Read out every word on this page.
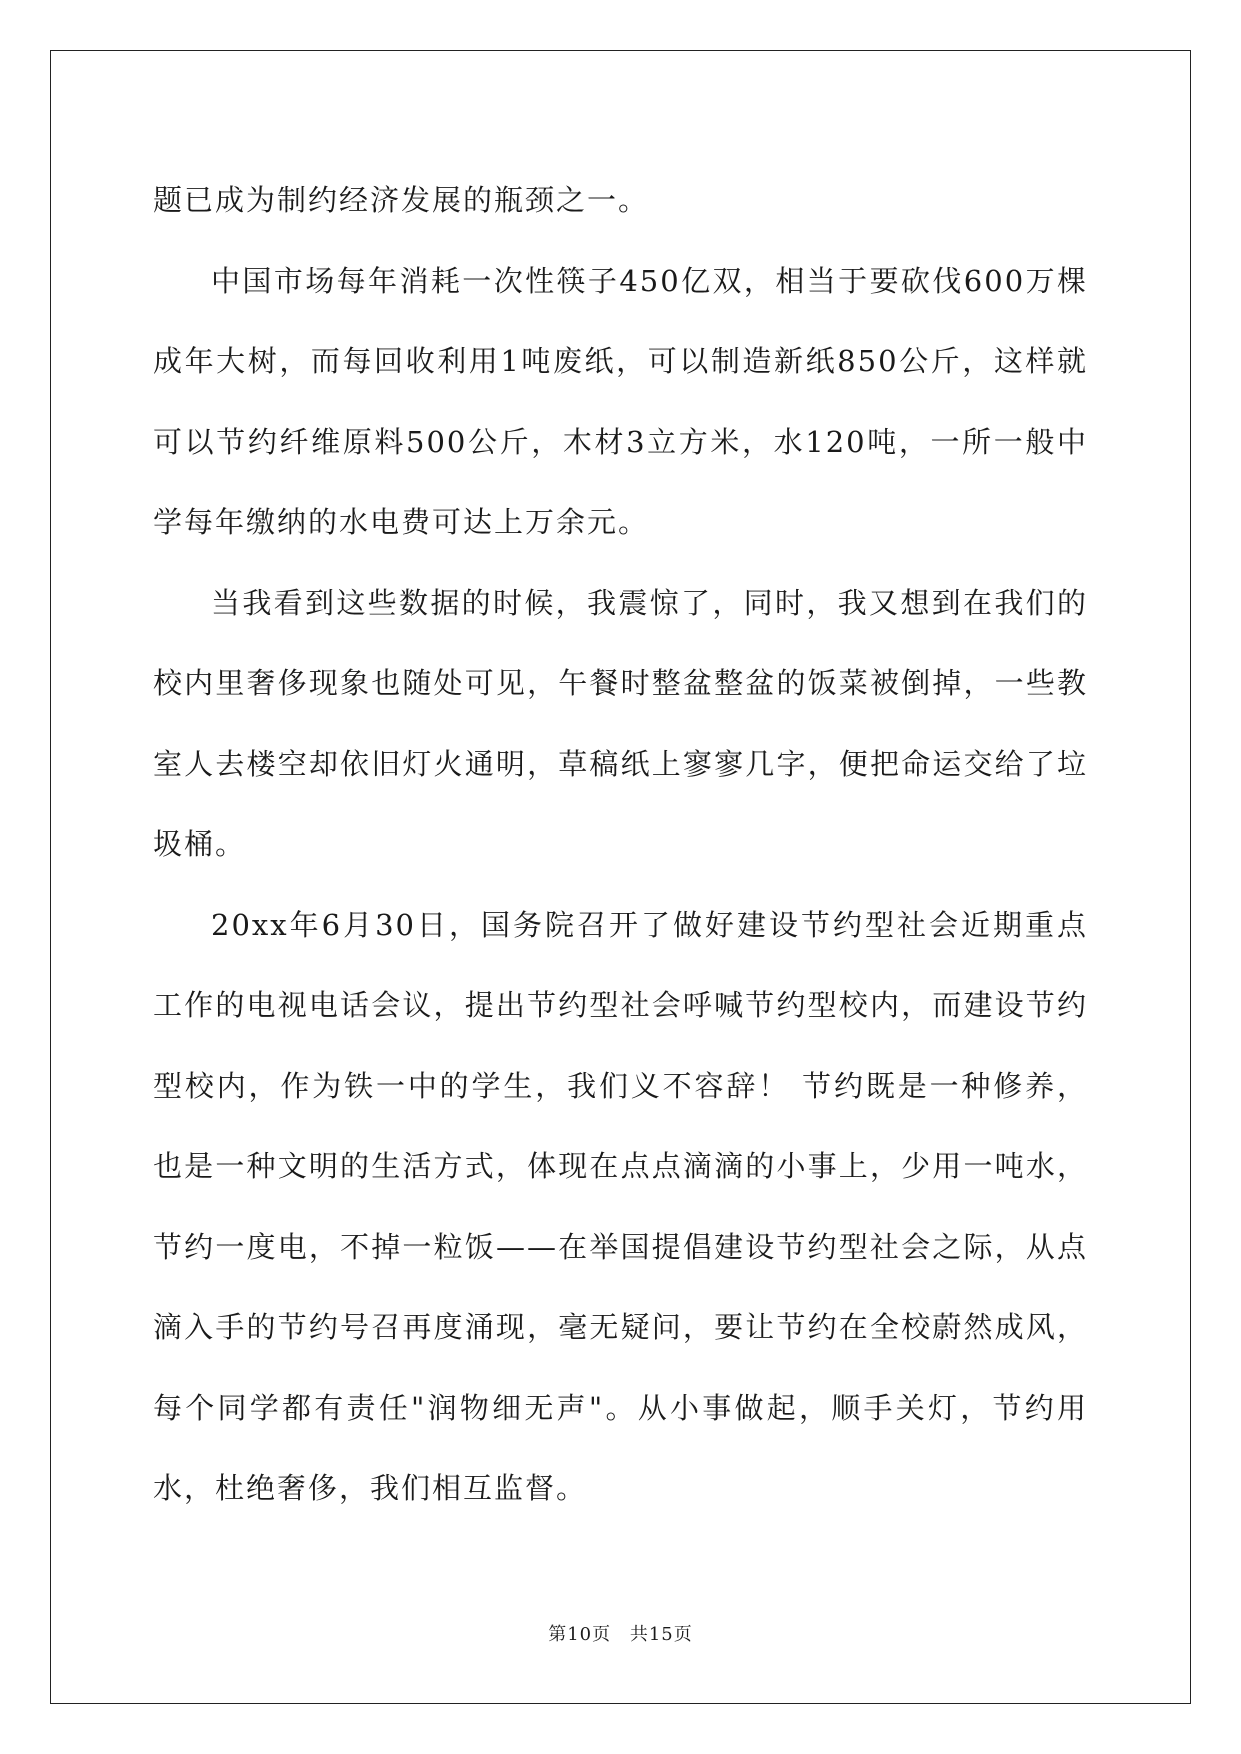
题已成为制约经济发展的瓶颈之一。

中国市场每年消耗一次性筷子450亿双，相当于要砍伐600万棵成年大树，而每回收利用1吨废纸，可以制造新纸850公斤，这样就可以节约纤维原料500公斤，木材3立方米，水120吨，一所一般中学每年缴纳的水电费可达上万余元。

当我看到这些数据的时候，我震惊了，同时，我又想到在我们的校内里奢侈现象也随处可见，午餐时整盆整盆的饭菜被倒掉，一些教室人去楼空却依旧灯火通明，草稿纸上寥寥几字，便把命运交给了垃圾桶。

20xx年6月30日，国务院召开了做好建设节约型社会近期重点工作的电视电话会议，提出节约型社会呼喊节约型校内，而建设节约型校内，作为铁一中的学生，我们义不容辞！ 节约既是一种修养，也是一种文明的生活方式，体现在点点滴滴的小事上，少用一吨水，节约一度电，不掉一粒饭——在举国提倡建设节约型社会之际，从点滴入手的节约号召再度涌现，毫无疑问，要让节约在全校蔚然成风，每个同学都有责任"润物细无声"。从小事做起，顺手关灯，节约用水，杜绝奢侈，我们相互监督。

第10页 共15页
